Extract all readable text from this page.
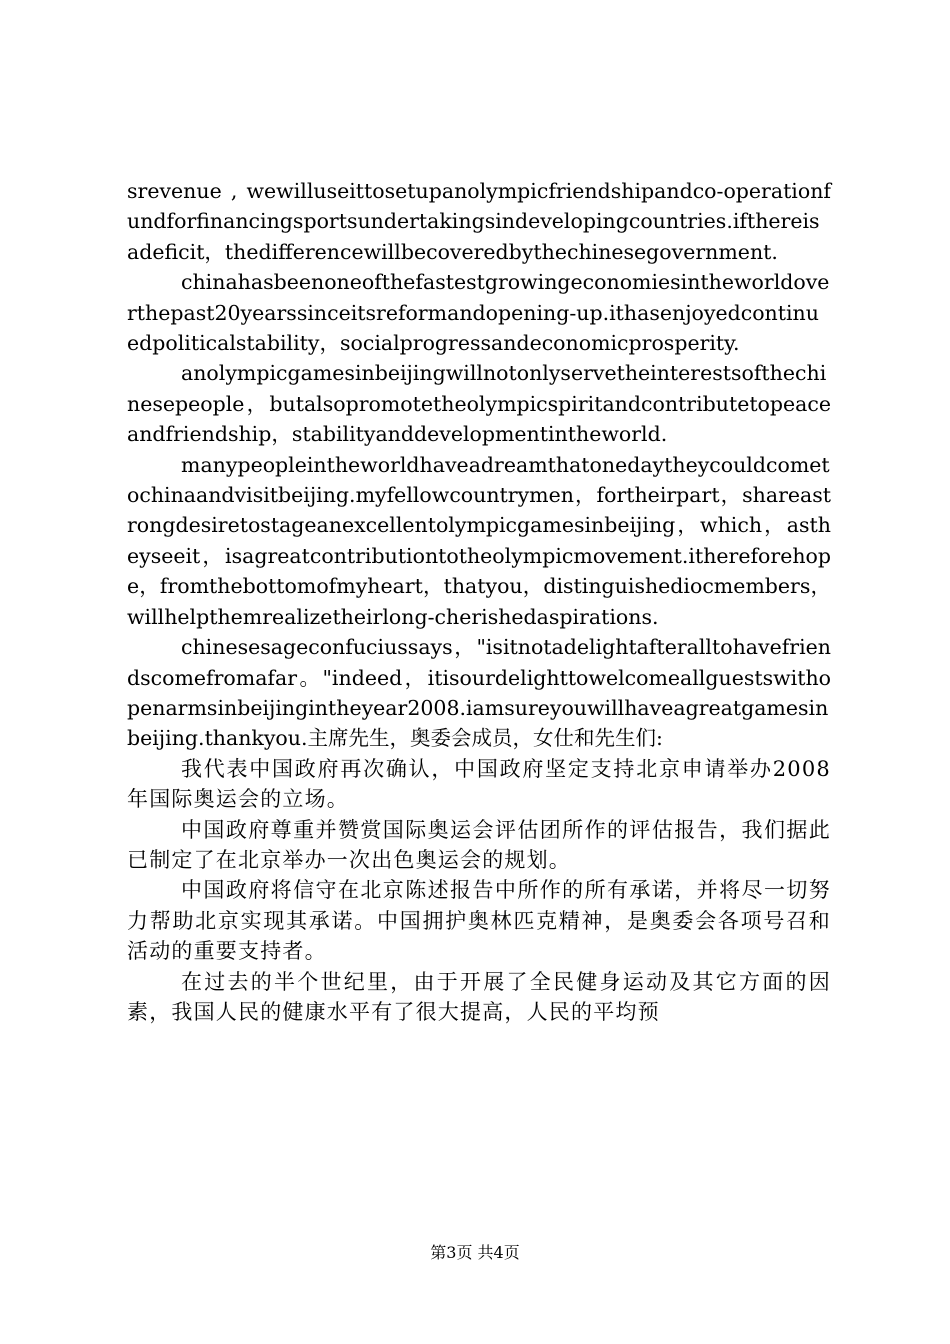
srevenue , wewilluseittosetupanolympicfriendshipandco-operationfundforfinancingsportsundertakingsindevelopingcountries.ifthereisadeficit，thedifferencewillbecoveredbythechinesegovernment.

chinahasbeenoneofthefastestgrowingeconomiesintheworldoverthepast20yearssinceitsreformandopening-up.ithasenjoyedcontinuedpoliticalstability，socialprogressandeconomicprosperity.

anolympicgamesinbeijingwillnotonlyservetheinterestsofthechinesepeople，butalsopromotetheolympicspiritandcontributetopeaceandfriendship，stabilityanddevelopmentintheworld.

manypeopleintheworldhaveadreamthatonedaytheycouldcometochinaandvisitbeijing.myfellowcountrymen，fortheirpart，shareastrongdesiretostageanexcellentolympicgamesinbeijing，which，astheyseeit，isagreatcontributiontotheolympicmovement.ithereforehope，fromthebottomofmyheart，thatyou，distinguishediocmembers，willhelpthemrealizetheirlong-cherishedaspirations.

chinesesageconfuciussays，"isitnotadelightafteralltohavefriendscomefromafar。"indeed，itisourdelighttowelcomeallguestswithopenarmsinbeijingintheyear2008.iamsureyouwillhaveagreatgamesinbeijing.thankyou.主席先生，奥委会成员，女仕和先生们:

我代表中国政府再次确认，中国政府坚定支持北京申请举办2008年国际奥运会的立场。

中国政府尊重并赞赏国际奥运会评估团所作的评估报告，我们据此已制定了在北京举办一次出色奥运会的规划。

中国政府将信守在北京陈述报告中所作的所有承诺，并将尽一切努力帮助北京实现其承诺。中国拥护奥林匹克精神，是奥委会各项号召和活动的重要支持者。

在过去的半个世纪里，由于开展了全民健身运动及其它方面的因素，我国人民的健康水平有了很大提高，人民的平均预

第3页 共4页
